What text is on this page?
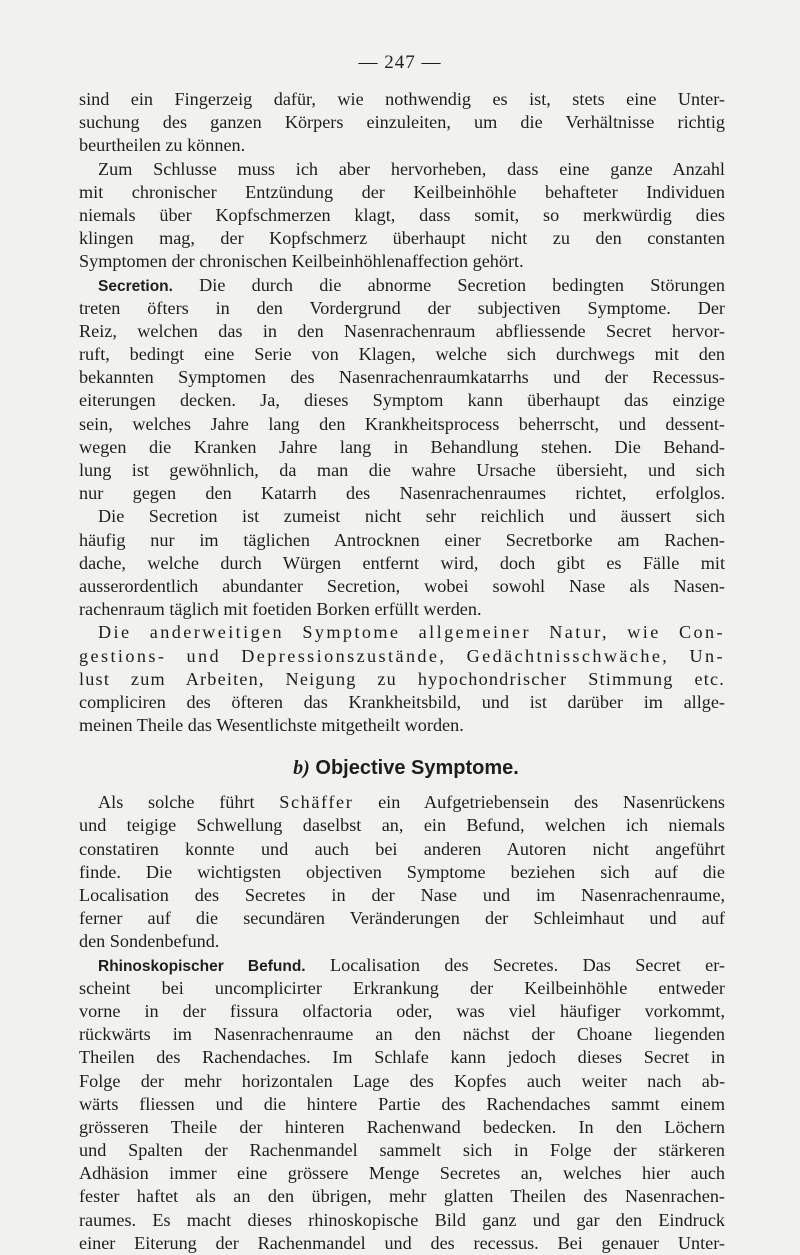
— 247 —
sind ein Fingerzeig dafür, wie nothwendig es ist, stets eine Unter-
suchung des ganzen Körpers einzuleiten, um die Verhältnisse richtig
beurtheilen zu können.
Zum Schlusse muss ich aber hervorheben, dass eine ganze Anzahl
mit chronischer Entzündung der Keilbeinhöhle behafteter Individuen
niemals über Kopfschmerzen klagt, dass somit, so merkwürdig dies
klingen mag, der Kopfschmerz überhaupt nicht zu den constanten
Symptomen der chronischen Keilbeinhöhlenaffection gehört.
Secretion. Die durch die abnorme Secretion bedingten Störungen
treten öfters in den Vordergrund der subjectiven Symptome. Der
Reiz, welchen das in den Nasenrachenraum abfliessende Secret hervor-
ruft, bedingt eine Serie von Klagen, welche sich durchwegs mit den
bekannten Symptomen des Nasenrachenraumkatarrhs und der Recessus-
eiterungen decken. Ja, dieses Symptom kann überhaupt das einzige
sein, welches Jahre lang den Krankheitsprocess beherrscht, und dessent-
wegen die Kranken Jahre lang in Behandlung stehen. Die Behand-
lung ist gewöhnlich, da man die wahre Ursache übersieht, und sich
nur gegen den Katarrh des Nasenrachenraumes richtet, erfolglos.
Die Secretion ist zumeist nicht sehr reichlich und äussert sich
häufig nur im täglichen Antrocknen einer Secretborke am Rachen-
dache, welche durch Würgen entfernt wird, doch gibt es Fälle mit
ausserordentlich abundanter Secretion, wobei sowohl Nase als Nasen-
rachenraum täglich mit foetiden Borken erfüllt werden.
Die anderweitigen Symptome allgemeiner Natur, wie Con-
gestions- und Depressionszustände, Gedächtnisschwäche, Un-
lust zum Arbeiten, Neigung zu hypochondrischer Stimmung etc.
compliciren des öfteren das Krankheitsbild, und ist darüber im allge-
meinen Theile das Wesentlichste mitgetheilt worden.
b) Objective Symptome.
Als solche führt Schäffer ein Aufgetriebensein des Nasenrückens
und teigige Schwellung daselbst an, ein Befund, welchen ich niemals
constatiren konnte und auch bei anderen Autoren nicht angeführt
finde. Die wichtigsten objectiven Symptome beziehen sich auf die
Localisation des Secretes in der Nase und im Nasenrachenraume,
ferner auf die secundären Veränderungen der Schleimhaut und auf
den Sondenbefund.
Rhinoskopischer Befund. Localisation des Secretes. Das Secret er-
scheint bei uncomplicirter Erkrankung der Keilbeinhöhle entweder
vorne in der fissura olfactoria oder, was viel häufiger vorkommt,
rückwärts im Nasenrachenraume an den nächst der Choane liegenden
Theilen des Rachendaches. Im Schlafe kann jedoch dieses Secret in
Folge der mehr horizontalen Lage des Kopfes auch weiter nach ab-
wärts fliessen und die hintere Partie des Rachendaches sammt einem
grösseren Theile der hinteren Rachenwand bedecken. In den Löchern
und Spalten der Rachenmandel sammelt sich in Folge der stärkeren
Adhäsion immer eine grössere Menge Secretes an, welches hier auch
fester haftet als an den übrigen, mehr glatten Theilen des Nasenrachen-
raumes. Es macht dieses rhinoskopische Bild ganz und gar den Eindruck
einer Eiterung der Rachenmandel und des recessus. Bei genauer Unter-
